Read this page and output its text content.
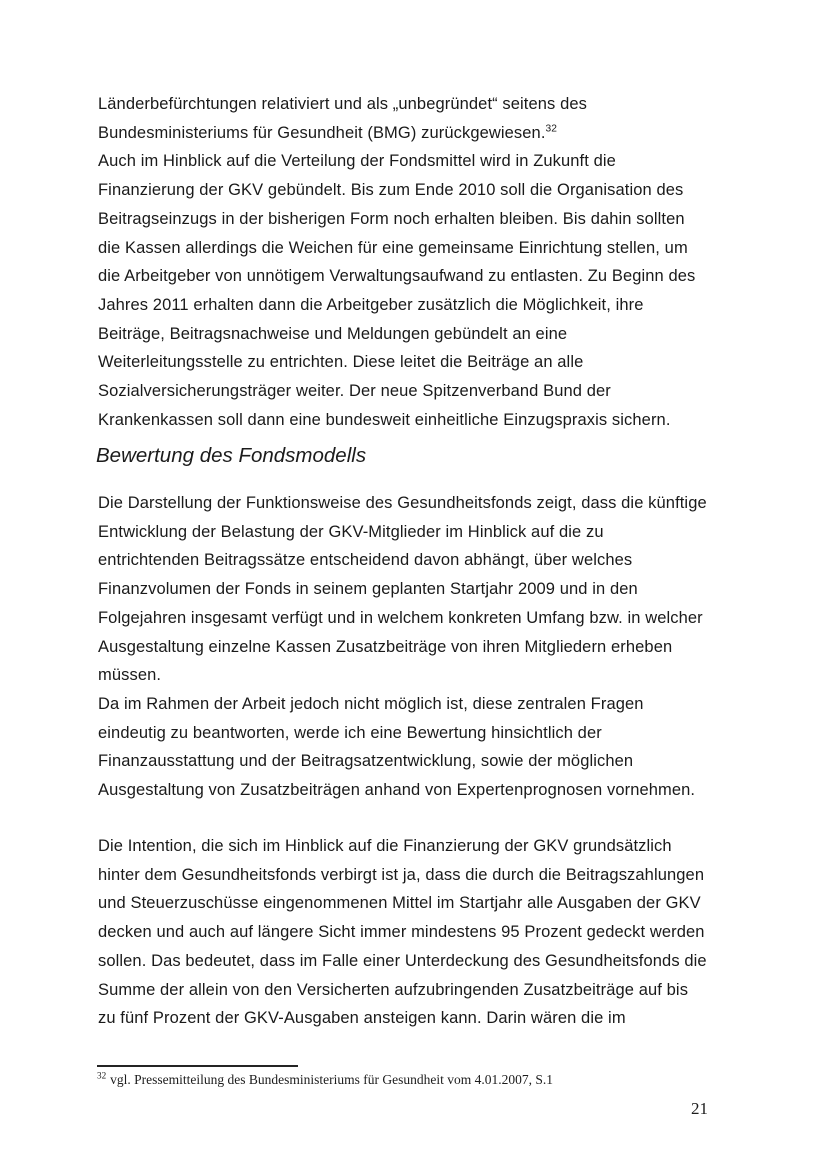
Länderbefürchtungen relativiert und als „unbegründet“ seitens des
Bundesministeriums für Gesundheit (BMG) zurückgewiesen.$^{32}$
Auch im Hinblick auf die Verteilung der Fondsmittel wird in Zukunft die
Finanzierung der GKV gebündelt. Bis zum Ende 2010 soll die Organisation des
Beitragseinzugs in der bisherigen Form noch erhalten bleiben. Bis dahin sollten
die Kassen allerdings die Weichen für eine gemeinsame Einrichtung stellen, um
die Arbeitgeber von unnötigem Verwaltungsaufwand zu entlasten. Zu Beginn des
Jahres 2011 erhalten dann die Arbeitgeber zusätzlich die Möglichkeit, ihre
Beiträge, Beitragsnachweise und Meldungen gebündelt an eine
Weiterleitungsstelle zu entrichten. Diese leitet die Beiträge an alle
Sozialversicherungsträger weiter. Der neue Spitzenverband Bund der
Krankenkassen soll dann eine bundesweit einheitliche Einzugspraxis sichern.
Bewertung des Fondsmodells
Die Darstellung der Funktionsweise des Gesundheitsfonds zeigt, dass die künftige
Entwicklung der Belastung der GKV-Mitglieder im Hinblick auf die zu
entrichtenden Beitragssätze entscheidend davon abhängt, über welches
Finanzvolumen der Fonds in seinem geplanten Startjahr 2009 und in den
Folgejahren insgesamt verfügt und in welchem konkreten Umfang bzw. in welcher
Ausgestaltung einzelne Kassen Zusatzbeiträge von ihren Mitgliedern erheben
müssen.
Da im Rahmen der Arbeit jedoch nicht möglich ist, diese zentralen Fragen
eindeutig zu beantworten, werde ich eine Bewertung hinsichtlich der
Finanzausstattung und der Beitragsatzentwicklung, sowie der möglichen
Ausgestaltung von Zusatzbeiträgen anhand von Expertenprognosen vornehmen.
Die Intention, die sich im Hinblick auf die Finanzierung der GKV grundsätzlich
hinter dem Gesundheitsfonds verbirgt ist ja, dass die durch die Beitragszahlungen
und Steuerzuschüsse eingenommenen Mittel im Startjahr alle Ausgaben der GKV
decken und auch auf längere Sicht immer mindestens 95 Prozent gedeckt werden
sollen. Das bedeutet, dass im Falle einer Unterdeckung des Gesundheitsfonds die
Summe der allein von den Versicherten aufzubringenden Zusatzbeiträge auf bis
zu fünf Prozent der GKV-Ausgaben ansteigen kann. Darin wären die im
$^{32}$ vgl. Pressemitteilung des Bundesministeriums für Gesundheit vom 4.01.2007, S.1
21
